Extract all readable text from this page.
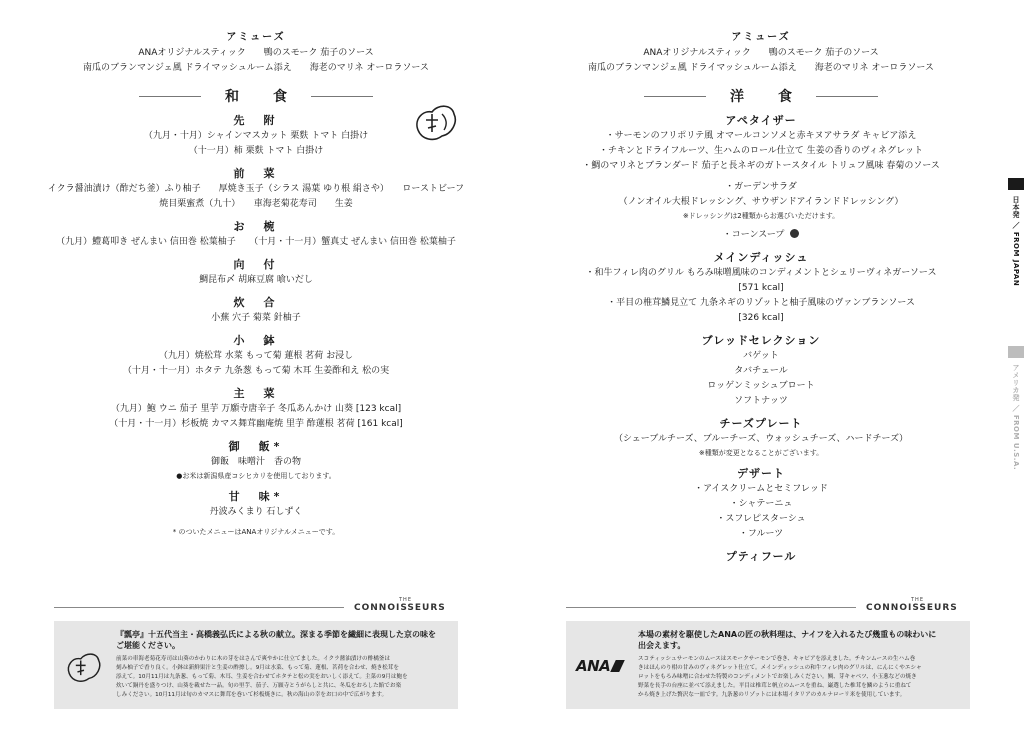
アミューズ
ANAオリジナルスティック　　鴨のスモーク 茄子のソース
南瓜のブランマンジェ風 ドライマッシュルーム添え　　海老のマリネ オーロラソース
和　食
先　附
（九月・十月）シャインマスカット 栗麩 トマト 白掛け
（十一月）柿 栗麩 トマト 白掛け
前　菜
イクラ醤油漬け（酢だち釜）ふり柚子　　厚焼き玉子（シラス 湯葉 ゆり根 絹さや）　　ローストビーフ
焼目栗蜜煮（九十）　　車海老菊花寿司　　生姜
お　椀
（九月）鱧葛叩き ぜんまい 信田巻 松葉柚子　　（十月・十一月）蟹真丈 ぜんまい 信田巻 松葉柚子
向　付
鯛昆布〆 胡麻豆腐 喰いだし
炊　合
小蕪 穴子 菊菜 針柚子
小　鉢
（九月）焼松茸 水菜 もって菊 蓮根 茗荷 お浸し
（十月・十一月）ホタテ 九条葱 もって菊 木耳 生姜酢和え 松の実
主　菜
（九月）鮑 ウニ 茄子 里芋 万願寺唐辛子 冬瓜あんかけ 山葵 [123 kcal]
（十月・十一月）杉板焼 カマス舞茸幽庵焼 里芋 酢蓮根 茗荷 [161 kcal]
御　飯*
御飯　味噌汁　香の物
●お米は新潟県産コシヒカリを使用しております。
甘　味*
丹波みくまり 石しずく
* のついたメニューはANAオリジナルメニューです。
THE
CONNOISSEURS
『瓢亭』十五代当主・高橋義弘氏による秋の献立。深まる季節を繊細に表現した京の味を
ご堪能ください。
前菜の車海老菊花寿司は山葵のかわりに木の芽をはさんで爽やかに仕立てました。イクラ醤油漬けの酢橘釜は
刻み柚子で香り良く。小鉢は新鮮果汁と生姜の酢擦し。9月は水菜、もって菊、蓮根、茗荷を合わせ、焼き松茸を
添えて。10月11月は九条葱、もって菊、木耳、生姜を合わせてホタテと松の実をおいしく添えて。主菜の9月は鮑を
炊いて銅丹を盛りつけ、山葵を載せた一品。旬の里芋、茄子、万願寺とうがらしと共に、冬瓜をおろした餡でお楽
しみください。10月11月は旬のカマスに舞茸を巻いて杉板焼きに。秋の海山の幸をお口の中で広がります。
アミューズ
ANAオリジナルスティック　　鴨のスモーク 茄子のソース
南瓜のブランマンジェ風 ドライマッシュルーム添え　　海老のマリネ オーロラソース
洋　食
アペタイザー
・サーモンのフリポリテ風 オマールコンソメと赤キヌアサラダ キャビア添え
・チキンとドライフルーツ、生ハムのロール仕立て 生姜の香りのヴィネグレット
・鯛のマリネとブランダード 茄子と長ネギのガトースタイル トリュフ風味 春菊のソース
・ガーデンサラダ
（ノンオイル大根ドレッシング、サウザンドアイランドドレッシング）
※ドレッシングは2種類からお選びいただけます。
・コーンスープ
メインディッシュ
・和牛フィレ肉のグリル もろみ味噌風味のコンディメントとシェリーヴィネガーソース
[571 kcal]
・平目の椎茸鱗見立て 九条ネギのリゾットと柚子風味のヴァンブランソース
[326 kcal]
ブレッドセレクション
バゲット
タバチェール
ロッゲンミッシュブロート
ソフトナッツ
チーズプレート
（シェーブルチーズ、ブルーチーズ、ウォッシュチーズ、ハードチーズ）
※種類が変更となることがございます。
デザート
・アイスクリームとセミフレッド
・シャテーニュ
・スフレピスターシュ
・フルーツ
プティフール
THE
CONNOISSEURS
ANA
本場の素材を駆使したANAの匠の秋料理は、ナイフを入れるたび幾重もの味わいに
出会えます。
スコティッシュサーモンのムースはスモークサーモンで巻き、キャビアを添えました。チキンムースの生ハム巻
きはほんのり柑の甘みのヴィネグレット仕立て。メインディッシュの和牛フィレ肉のグリルは、にんにくやエシャ
ロットをもろみ味噌に合わせた特製のコンディメントでお楽しみください。鯛、芽キャベツ、小玉葱などの焼き
野菜を長手の台座に並べて添えました。平目は椎茸と帆立のムースを重ね、巌選した椎茸を鱗のように重ねて
から焼き上げた贅沢な一皿です。九条葱のリゾットには本場イタリアのカルナローリ米を使用しています。
日本発 ／ FROM JAPAN
アメリカ発 ／ FROM U.S.A.
